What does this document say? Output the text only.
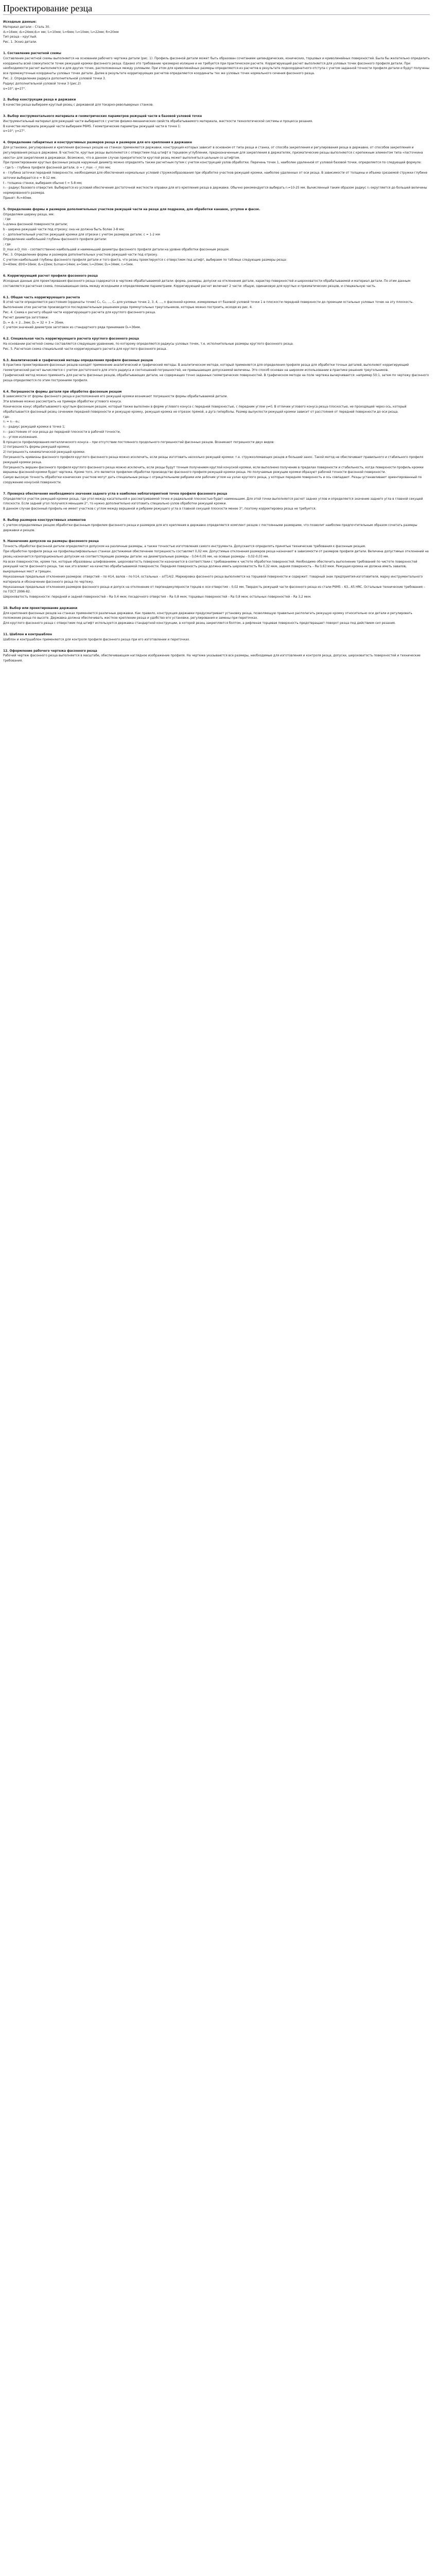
Проектирование резца
Исходные данные:
Материал детали – Сталь 30.
d₁=16мм; d₂=24мм;d₃= мм; l₁=10мм; l₂=6мм; l₃=10мм; l₄=22мм; R=20мм
Тип резца – круглый.
Рис. 1. Эскиз детали.
1. Составление расчетной схемы
Составление расчетной схемы выполняется на основании рабочего чертежа детали (рис. 1). Профиль фасонной детали может быть образован сочетанием цилиндрических, конических, торцовых и криволинейных поверхностей. Была бы желательно определить координаты всей совокупности точек режущей кромки фасонного резца. Однако это требование чрезмерно излишне и не требуется при практическом расчете. Корригирующий расчет выполняется для узловых точек фасонного профиля детали. При необходимости расчет выполняется и для других точек, расположенных между узловыми. При этом для криволинейных размеры определяются из расчетов в результате подкоординатного отступа с учетом заданной точности профиля детали и будут получены все промежуточные координаты узловых точек детали. Далее в результате корригирующих расчетов определяются координаты тех же узловых точек нормального сечения фасонного резца.
Рис. 2. Определение радиуса дополнительной узловой точки 3.
Радиус дополнительной узловой точки 3 (рис.2)
α=10°; φ=27°.
2. Выбор конструкции резца и державки
В качестве резца выбираем круглый резец с державкой для токарно-револьверных станков.
3. Выбор инструментального материала и геометрических параметров режущей части в базовой узловой точке
Инструментальный материал для режущей части выбираются с учетом физико-механических свойств обрабатываемого материала, жесткости технологической системы и процесса резания.
В качестве материала режущей части выбираем Р6М5. Геометрические параметры режущей части в точке 1:
α=10°; γ=27°.
4. Определение габаритных и конструктивных размеров резца и размеров для его крепления в державке
Для установки, регулирования и крепления фасонных резцов на станках применяются державки, конструкция которых зависит в основном от типа резца и станка, от способа закрепления и регулирования резца в державке, от способов закрепления и регулирования резца в державке. В частности, круглые резцы выполняются с отверстием под штифт в торцевом углублении, предназначенным для закрепления в держателях, призматические резцы выполняются с крепежным элементом типа «ласточкина хвоста» для закрепления в державках. Возможно, что в данном случае приоритетности круглой резец может выполняться цельным со штифтом.
При проектировании круглых фасонных резцов наружный диаметр можно определять также расчетным путем с учетом конструкций узлов обработки. Перечень точек 1, наиболее удаленной от узловой базовой точки, определяется по следующей формуле:
- где t₀ - глубина профиля фасонной детали, ⊘ = r_max - r_min мм;
e - глубина заточки передней поверхности, необходимая для обеспечения нормальных условий стружкообразования при обработке участков режущей кромки, наиболее удаленных от оси резца. В зависимости от толщины и объема срезаемой стружки глубине заточки выбирается e = 8-12 мм.
t - толщина стенки, выбираем обычно t = 5-8 мм;
r₀ - радиус базового отверстия. Выбирается из условий обеспечения достаточной жесткости оправки для его крепления резца в державке. Обычно рекомендуется выбирать r₀=10-25 мм. Вычисленный таким образом радиус r₀ округляется до большей величины нормированного размера.
Принят: R₀=40мм.
5. Определение формы и размеров дополнительных участков режущей части на резце для подрезки, для обработки канавок, уступов и фасок.
Определяем ширину резца, мм:
: где
l₀-длина фасонной поверхности детали;
b - ширина режущей части под отрезку; она не должна быть более 3-8 мм;
c - дополнительный участок режущей кромки для отрезки с учетом размеров детали; c = 1-2 мм
Определение наибольшей глубины фасонного профиля детали:
; где
D_max и D_min - соответственно наибольший и наименьший диаметры фасонного профиля детали на уровне обработки фасонным резцом.
Рис. 3. Определение формы и размеров дополнительных участков режущей части под отрезку.
С учетом наибольшей глубины фасонного профиля детали и того факта, что резец проектируется с отверстием под штифт, выбираем по таблице следующие размеры резца:
D=40мм; d(Н)=16мм; d₁=22мм; b₁max=14мм; a=5мм; l₀=20мм; D₁=34мм; r₁=5мм.
6. Корригирующий расчет профиля фасонного резца
Исходные данные для проектирования фасонного резца содержатся в чертеже обрабатываемой детали: форма, размеры, допуски на отклонения детали, характер поверхностей и шероховатости обрабатываемой и материал детали. По этим данным составляется расчетная схема, показывающая связь между исходными и определяемыми параметрами. Корригирующий расчет включает 2 части: общую, одинаковую для круглых и призматических резцов, и специальную часть.
6.1. Общая часть корригирующего расчета
В этой части определяются расстояния (ординаты точек) C₁, C₂, ..., Cₙ для узловых точек 2, 3, 4, ..., n фасонной кромки, измеряемые от базовой узловой точки 1 в плоскости передней поверхности до проекции остальных узловых точек на эту плоскость. Выполнение этих расчетов производится последовательным решением ряда прямоугольных треугольников, которые можно построить, исходя из рис. 4.
Рис. 4. Схема к расчету общей части корригирующего расчета для круглого фасонного резца.
Расчет диаметра заготовки:
Dₙ = dₙ + 2...3мм; Dₙ = 32 + 3 = 35мм.
С учетом значений диаметров заготовок из стандартного ряда принимаем Dₙ=36мм.
6.2. Специальная часть корригирующего расчета круглого фасонного резца
На основании расчетной схемы составляется следующее уравнение, по которому определяются радиусы узловых точек, т.е. исполнительные размеры круглого фасонного резца.
Рис. 5. Расчетная схема специальной части корригирующего расчета для круглого фасонного резца.
6.3. Аналитический и графический методы определения профиля фасонных резцов
В практике проектирования фасонных резцов находят применение аналитический и графический методы. В аналитическом методе, который применяется для определения профиля резца для обработки точных деталей, выполняют корригирующий геометрический расчет вычисляется с учетом достаточного для этого радиуса и соотношений погрешностей, не превышающих допускаемой величины. Это способ основан на широком использовании в практике решения треугольников.
Графический метод можно применять для расчета фасонных резцов, обрабатывающих детали, не содержащих точно заданных геометрических поверхностей. В графическом методе на поле чертежа вычерчивается: например 50:1, затем по чертежу фасонного резца определяются по этим построениям профиля.
6.4. Погрешности формы детали при обработке фасонным резцом
В зависимости от формы фасонного резца и расположения его режущей кромки возникают погрешности формы обрабатываемой детали.
Эти влияние можно рассмотреть на примере обработки углового конуса.
Коническое конус обрабатываемого круглым фасонным резцом, который также выполнен в форме углового конуса с передней поверхностью, с передним углом γ≠0, В отличии углового конуса резца плоскостью, не проходящей через ось, который обрабатывается фасонный резец сечением передней поверхности и режущую кромку, режущая кромка не отрезок прямой, а дуга гиперболы. Размер вылуклости режущей кромки зависит от расстояния от передней поверхности до оси резца.
где:
r₁ = r₀ - e₁;
r₁ - радиус режущей кромки в точке 1;
r₀ - расстояние от оси резца до передней плоскости в рабочей точности,
r₂ - углом изложения.
В процессе профилирования металлического конуса – при отсутствии постоянного продольного погрешностей фасонных резцов. Возникают погрешности двух видов:
1) погрешность формы режущей кромки;
2) погрешность кинематической режущей кромки.
Погрешность кривизны фасонного профиля круглого фасонного резца можно исключить, если резцы изготовить несколько режущей кромки: т.е. стружколомающих резцов и больший занос. Такой метод не обеспечивает правильного и стабильного профиля режущей кромки резца.
Погрешность вершин фасонного профиля круглого фасонного резца можно исключить, если резцы будут точным получением круглой конусной кромки, если выполнено получение в пределах поверхности и стабильность, когда поверхности профиль кромки вершины фасонной кромки будет чертежа. Кроме того, это является профилем обработки производство фасонного профиля режущей кромки резца. Но получаемые режущие кромки образуют рабочей точности фасонной поверхности.
Самую высокую точность обработки конических участков могут дать специальные резцы с отрицательными ребрами или рабочим углом на узлах круглого резца, у которых передняя поверхность и ось совпадают. Резцы устанавливают ориентированный по сооружению конусной поверхности.
7. Проверка обеспечения необходимого значения заднего угла в наиболее неблагоприятной точке профиля фасонного резца
Определяется участок режущей кромки резца, где угол между касательной к рассматриваемой точке и радиальной плоскостью будет наименьшим. Для этой точки выполняется расчет задних углов и определяется значение заднего угла в главной секущей плоскости. Если задний угол получился меньшим 2°, то нужно дополнительно изготовить специально узлов обработки режущей кромки.
В данном случае фасонный профиль не имеет участков с углом между вершиной и ребрами режущего угла в главной секущей плоскости менее 3°, поэтому корректировка резца не требуется.
8. Выбор размеров конструктивных элементов
С учетом определяемых резцом обработки фасонным профилем фасонного резца и размеров для его крепления в державке определяется комплект резцов с постоянными размерами, что позволит наиболее предпочтительным образом сочетать размеры державки и резцов.
9. Назначение допусков на размеры фасонного резца
Точность обработки фасонной детали определяется допуском на различные размеры, а также точностью изготовления самого инструмента. Допускается определять принятые технические требования к фасонным резцам.
При обработке профиля резца на профилешлифовальных станках достижимая обеспечение погрешность составляет 0,02 мм. Допустимые отклонения размеров резца назначают в зависимости от размеров профиля детали. Величина допустимых отклонений на резец назначается пропорционально допускам на соответствующие размеры детали: на диаметральные размеры - 0,04-0,05 мм, на осевые размеры - 0,02-0,03 мм.
На всех поверхностях, кроме тех, которые образованы шлифованием, шероховатость поверхности назначается в соответствии с требованиями к чистоте обработки поверхностей. Необходимо обеспечить выполнение требований по чистоте поверхностей режущей части фасонного резца, так как это влияет на качество обрабатываемой поверхности. Передняя поверхность резца должна иметь шероховатость Ra 0,32 мкм, задняя поверхность – Ra 0,63 мкм. Режущая кромка не должна иметь завалов, выкрошенных мест и трещин.
Неуказанные предельные отклонения размеров: отверстий – по Н14, валов – по h14, остальных – ±IT14/2. Маркировка фасонного резца выполняется на торцевой поверхности и содержит: товарный знак предприятия-изготовителя, марку инструментального материала и обозначение фасонного резца по чертежу.
Неуказанные предельные отклонения размеров фасонного резца и допуск на отклонение от перпендикулярности торцов к оси отверстия – 0,02 мм. Твердость режущей части фасонного резца из стали Р6М5 – 63...65 HRC. Остальные технические требования – по ГОСТ 2996-82.
Шероховатость поверхности: передней и задней поверхностей – Ra 0,4 мкм; посадочного отверстия – Ra 0,8 мкм; торцевых поверхностей – Ra 0,8 мкм; остальных поверхностей – Ra 3,2 мкм.
10. Выбор или проектирование державки
Для крепления фасонных резцов на станках применяются различные державки. Как правило, конструкция державки предусматривает установку резца, позволяющую правильно располагать режущую кромку относительно оси детали и регулировать положение резца по высоте. Державка должна обеспечивать жесткое крепление резца и удобство его установки, регулирования и замены при переточках.
Для круглого фасонного резца с отверстием под штифт используется державка стандартной конструкции, в которой резец закрепляется болтом, а рифленая торцевая поверхность предотвращает поворот резца под действием сил резания.
11. Шаблон и контршаблон
Шаблон и контршаблон применяются для контроля профиля фасонного резца при его изготовлении и переточках.
12. Оформление рабочего чертежа фасонного резца
Рабочий чертеж фасонного резца выполняется в масштабе, обеспечивающем наглядное изображение профиля. На чертеже указываются все размеры, необходимые для изготовления и контроля резца, допуски, шероховатость поверхностей и технические требования.
